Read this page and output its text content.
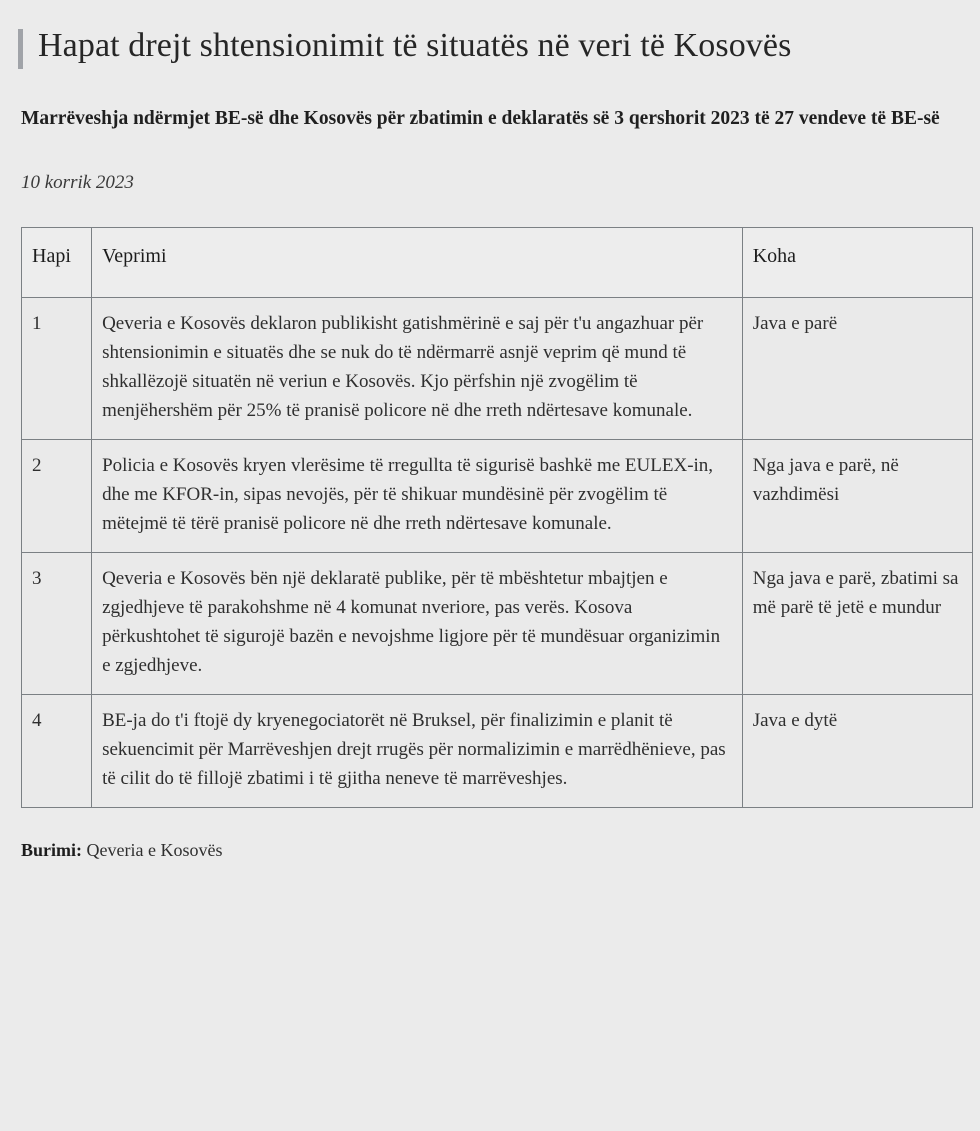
Hapat drejt shtensionimit të situatës në veri të Kosovës
Marrëveshja ndërmjet BE-së dhe Kosovës për zbatimin e deklaratës së 3 qershorit 2023 të 27 vendeve të BE-së
10 korrik 2023
Hapi	Veprimi	Koha
1	Qeveria e Kosovës deklaron publikisht gatishmërinë e saj për t'u angazhuar për shtensionimin e situatës dhe se nuk do të ndërmarrë asnjë veprim që mund të shkallëzojë situatën në veriun e Kosovës. Kjo përfshin një zvogëlim të menjëhershëm për 25% të pranisë policore në dhe rreth ndërtesave komunale.	Java e parë
2	Policia e Kosovës kryen vlerësime të rregullta të sigurisë bashkë me EULEX-in, dhe me KFOR-in, sipas nevojës, për të shikuar mundësinë për zvogëlim të mëtejmë të tërë pranisë policore në dhe rreth ndërtesave komunale.	Nga java e parë, në vazhdimësi
3	Qeveria e Kosovës bën një deklaratë publike, për të mbështetur mbajtjen e zgjedhjeve të parakohshme në 4 komunat nveriore, pas verës. Kosova përkushtohet të sigurojë bazën e nevojshme ligjore për të mundësuar organizimin e zgjedhjeve.	Nga java e parë, zbatimi sa më parë të jetë e mundur
4	BE-ja do t'i ftojë dy kryenegociatorët në Bruksel, për finalizimin e planit të sekuencimit për Marrëveshjen drejt rrugës për normalizimin e marrëdhënieve, pas të cilit do të fillojë zbatimi i të gjitha neneve të marrëveshjes.	Java e dytë
Burimi: Qeveria e Kosovës
